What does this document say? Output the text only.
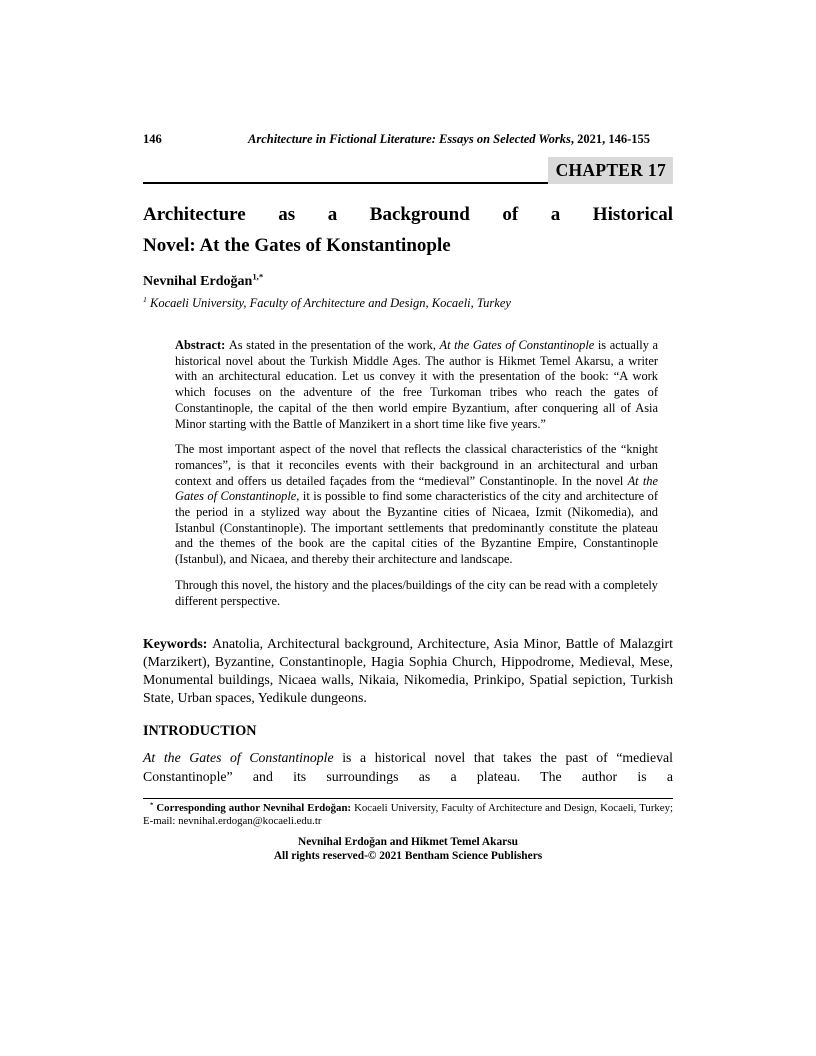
146	Architecture in Fictional Literature: Essays on Selected Works, 2021, 146-155
CHAPTER 17
Architecture as a Background of a Historical
Novel: At the Gates of Konstantinople
Nevnihal Erdoğan$^{1,*}$
$^1$ Kocaeli University, Faculty of Architecture and Design, Kocaeli, Turkey

Abstract: As stated in the presentation of the work, At the Gates of Constantinople is actually a historical novel about the Turkish Middle Ages. The author is Hikmet Temel Akarsu, a writer with an architectural education. Let us convey it with the presentation of the book: “A work which focuses on the adventure of the free Turkoman tribes who reach the gates of Constantinople, the capital of the then world empire Byzantium, after conquering all of Asia Minor starting with the Battle of Manzikert in a short time like five years.”

The most important aspect of the novel that reflects the classical characteristics of the “knight romances”, is that it reconciles events with their background in an architectural and urban context and offers us detailed façades from the “medieval” Constantinople. In the novel At the Gates of Constantinople, it is possible to find some characteristics of the city and architecture of the period in a stylized way about the Byzantine cities of Nicaea, Izmit (Nikomedia), and Istanbul (Constantinople). The important settlements that predominantly constitute the plateau and the themes of the book are the capital cities of the Byzantine Empire, Constantinople (Istanbul), and Nicaea, and thereby their architecture and landscape.

Through this novel, the history and the places/buildings of the city can be read with a completely different perspective.

Keywords: Anatolia, Architectural background, Architecture, Asia Minor, Battle of Malazgirt (Marzikert), Byzantine, Constantinople, Hagia Sophia Church, Hippodrome, Medieval, Mese, Monumental buildings, Nicaea walls, Nikaia, Nikomedia, Prinkipo, Spatial sepiction, Turkish State, Urban spaces, Yedikule dungeons.

INTRODUCTION

At the Gates of Constantinople is a historical novel that takes the past of “medieval Constantinople” and its surroundings as a plateau. The author is a

* Corresponding author Nevnihal Erdoğan: Kocaeli University, Faculty of Architecture and Design, Kocaeli, Turkey; E-mail: nevnihal.erdogan@kocaeli.edu.tr

Nevnihal Erdoğan and Hikmet Temel Akarsu
All rights reserved-© 2021 Bentham Science Publishers
